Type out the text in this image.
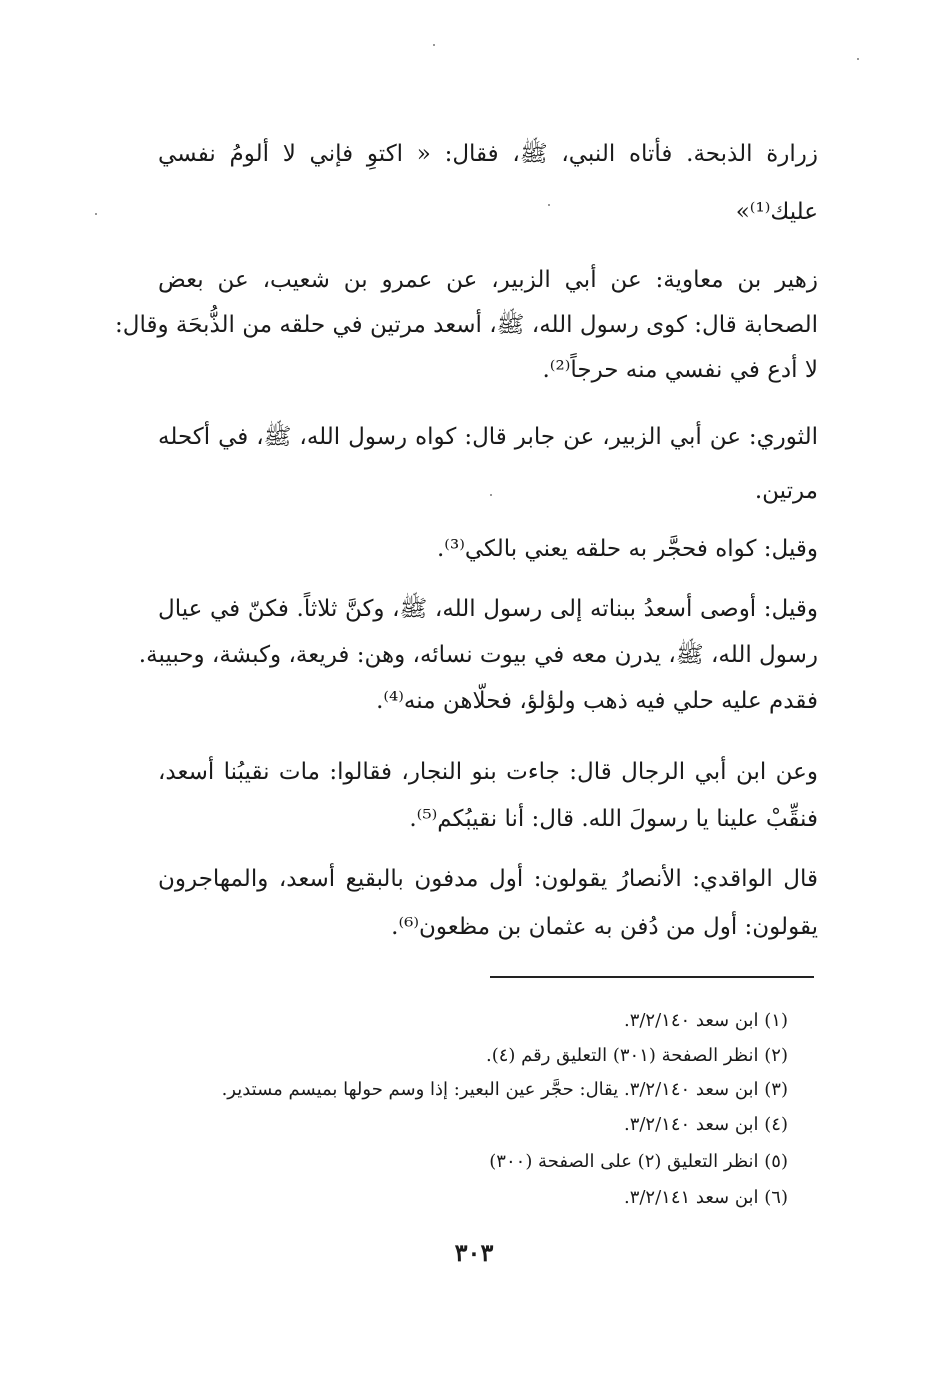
زرارة الذبحة. فأتاه النبي، ﷺ، فقال: « اكتوِ فإني لا ألومُ نفسي
عليك⁽¹⁾»
زهير بن معاوية: عن أبي الزبير، عن عمرو بن شعيب، عن بعض
الصحابة قال: كوى رسول الله، ﷺ، أسعد مرتين في حلقه من الذُّبحَة وقال:
لا أدع في نفسي منه حرجاً⁽²⁾.
الثوري: عن أبي الزبير، عن جابر قال: كواه رسول الله، ﷺ، في أكحله
مرتين.
وقيل: كواه فحجَّر به حلقه يعني بالكي⁽³⁾.
وقيل: أوصى أسعدُ ببناته إلى رسول الله، ﷺ، وكنَّ ثلاثاً. فكنّ في عيال
رسول الله، ﷺ، يدرن معه في بيوت نسائه، وهن: فريعة، وكبشة، وحبيبة.
فقدم عليه حلي فيه ذهب ولؤلؤ، فحلّاهن منه⁽⁴⁾.
وعن ابن أبي الرجال قال: جاءت بنو النجار، فقالوا: مات نقيبُنا أسعد،
فنقِّبْ علينا يا رسولَ الله. قال: أنا نقيبُكم⁽⁵⁾.
قال الواقدي: الأنصارُ يقولون: أول مدفون بالبقيع أسعد، والمهاجرون
يقولون: أول من دُفن به عثمان بن مظعون⁽⁶⁾.
(١) ابن سعد ٣/٢/١٤٠.
(٢) انظر الصفحة (٣٠١) التعليق رقم (٤).
(٣) ابن سعد ٣/٢/١٤٠. يقال: حجَّر عين البعير: إذا وسم حولها بميسم مستدير.
(٤) ابن سعد ٣/٢/١٤٠.
(٥) انظر التعليق (٢) على الصفحة (٣٠٠)
(٦) ابن سعد ٣/٢/١٤١.
٣٠٣
